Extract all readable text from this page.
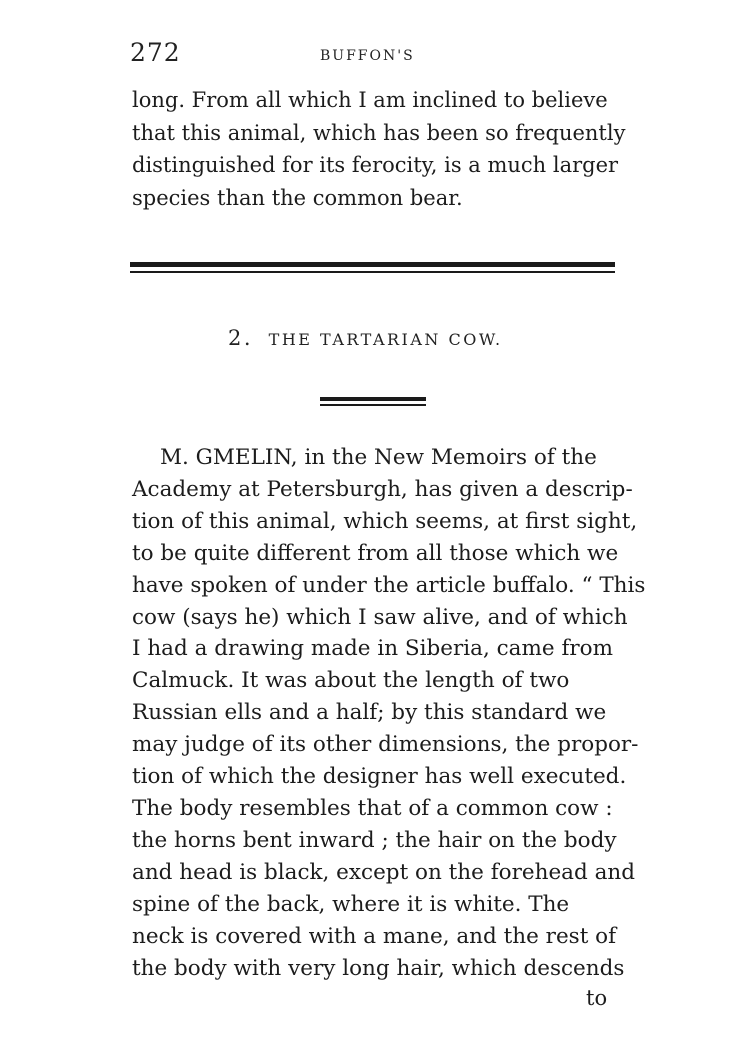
272	BUFFON'S
long. From all which I am inclined to believe
that this animal, which has been so frequently
distinguished for its ferocity, is a much larger
species than the common bear.
2. THE TARTARIAN COW.
M. GMELIN, in the New Memoirs of the
Academy at Petersburgh, has given a descrip-
tion of this animal, which seems, at first sight,
to be quite different from all those which we
have spoken of under the article buffalo. “ This
cow (says he) which I saw alive, and of which
I had a drawing made in Siberia, came from
Calmuck. It was about the length of two
Russian ells and a half; by this standard we
may judge of its other dimensions, the propor-
tion of which the designer has well executed.
The body resembles that of a common cow :
the horns bent inward ; the hair on the body
and head is black, except on the forehead and
spine of the back, where it is white. The
neck is covered with a mane, and the rest of
the body with very long hair, which descends
to
